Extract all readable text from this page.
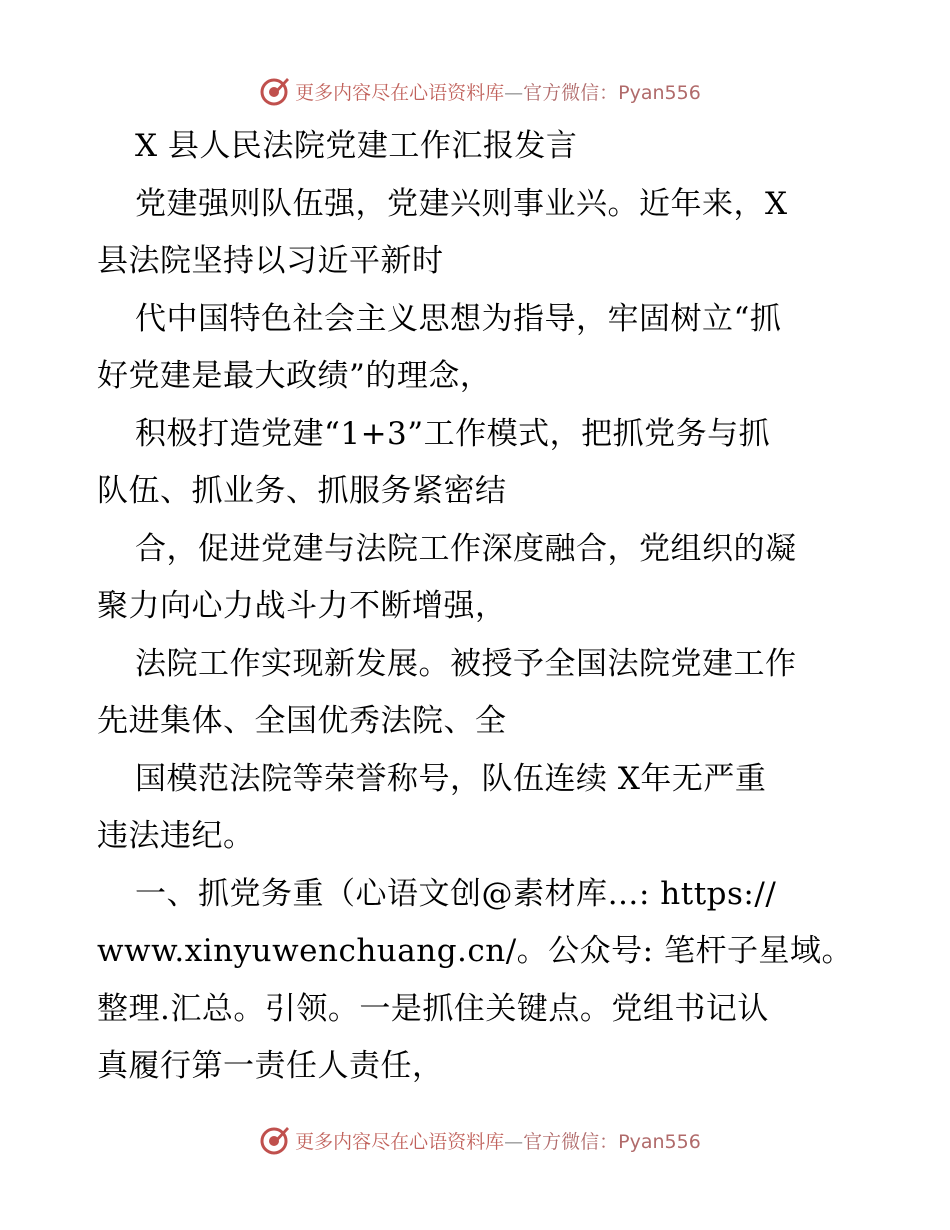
更多内容尽在心语资料库—官方微信：Pyan556
X 县人民法院党建工作汇报发言
党建强则队伍强，党建兴则事业兴。近年来，X
县法院坚持以习近平新时
代中国特色社会主义思想为指导，牢固树立“抓
好党建是最大政绩”的理念，
积极打造党建“1+3”工作模式，把抓党务与抓
队伍、抓业务、抓服务紧密结
合，促进党建与法院工作深度融合，党组织的凝
聚力向心力战斗力不断增强，
法院工作实现新发展。被授予全国法院党建工作
先进集体、全国优秀法院、全
国模范法院等荣誉称号，队伍连续 X年无严重
违法违纪。
一、抓党务重（心语文创@素材库…: https://
www.xinyuwenchuang.cn/。公众号: 笔杆子星域。
整理.汇总。引领。一是抓住关键点。党组书记认
真履行第一责任人责任，
更多内容尽在心语资料库—官方微信：Pyan556
